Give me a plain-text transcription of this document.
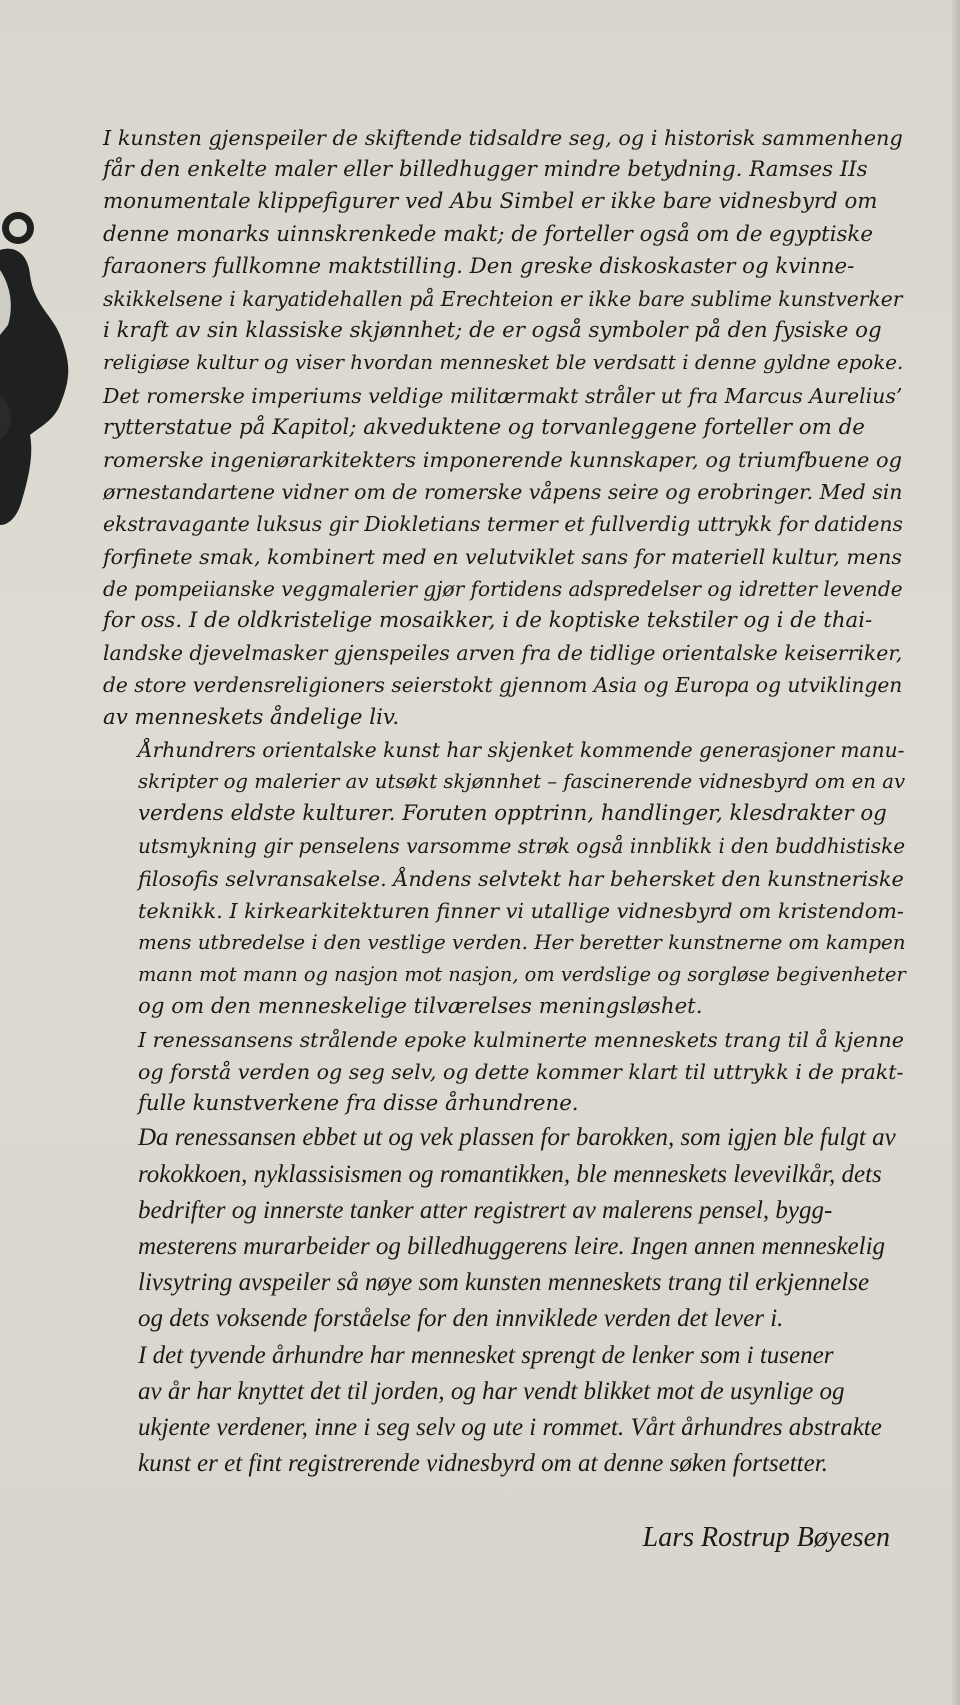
I kunsten gjenspeiler de skiftende tidsaldre seg, og i historisk sammenheng
får den enkelte maler eller billedhugger mindre betydning. Ramses IIs
monumentale klippefigurer ved Abu Simbel er ikke bare vidnesbyrd om
denne monarks uinnskrenkede makt; de forteller også om de egyptiske
faraoners fullkomne maktstilling. Den greske diskoskaster og kvinne-
skikkelsene i karyatidehallen på Erechteion er ikke bare sublime kunstverker
i kraft av sin klassiske skjønnhet; de er også symboler på den fysiske og
religiøse kultur og viser hvordan mennesket ble verdsatt i denne gyldne epoke.
Det romerske imperiums veldige militærmakt stråler ut fra Marcus Aurelius’
rytterstatue på Kapitol; akveduktene og torvanleggene forteller om de
romerske ingeniørarkitekters imponerende kunnskaper, og triumfbuene og
ørnestandartene vidner om de romerske våpens seire og erobringer. Med sin
ekstravagante luksus gir Diokletians termer et fullverdig uttrykk for datidens
forfinete smak, kombinert med en velutviklet sans for materiell kultur, mens
de pompeiianske veggmalerier gjør fortidens adspredelser og idretter levende
for oss. I de oldkristelige mosaikker, i de koptiske tekstiler og i de thai-
landske djevelmasker gjenspeiles arven fra de tidlige orientalske keiserriker,
de store verdensreligioners seierstokt gjennom Asia og Europa og utviklingen
av menneskets åndelige liv.

Århundrers orientalske kunst har skjenket kommende generasjoner manu-
skripter og malerier av utsøkt skjønnhet – fascinerende vidnesbyrd om en av
verdens eldste kulturer. Foruten opptrinn, handlinger, klesdrakter og
utsmykning gir penselens varsomme strøk også innblikk i den buddhistiske
filosofis selvransakelse. Åndens selvtekt har behersket den kunstneriske
teknikk. I kirkearkitekturen finner vi utallige vidnesbyrd om kristendom-
mens utbredelse i den vestlige verden. Her beretter kunstnerne om kampen
mann mot mann og nasjon mot nasjon, om verdslige og sorgløse begivenheter
og om den menneskelige tilværelses meningsløshet.

I renessansens strålende epoke kulminerte menneskets trang til å kjenne
og forstå verden og seg selv, og dette kommer klart til uttrykk i de prakt-
fulle kunstverkene fra disse århundrene.

Da renessansen ebbet ut og vek plassen for barokken, som igjen ble fulgt av
rokokkoen, nyklassisismen og romantikken, ble menneskets levevilkår, dets
bedrifter og innerste tanker atter registrert av malerens pensel, bygg-
mesterens murarbeider og billedhuggerens leire. Ingen annen menneskelig
livsytring avspeiler så nøye som kunsten menneskets trang til erkjennelse
og dets voksende forståelse for den innviklede verden det lever i.

I det tyvende århundre har mennesket sprengt de lenker som i tusener
av år har knyttet det til jorden, og har vendt blikket mot de usynlige og
ukjente verdener, inne i seg selv og ute i rommet. Vårt århundres abstrakte
kunst er et fint registrerende vidnesbyrd om at denne søken fortsetter.

Lars Rostrup Bøyesen
